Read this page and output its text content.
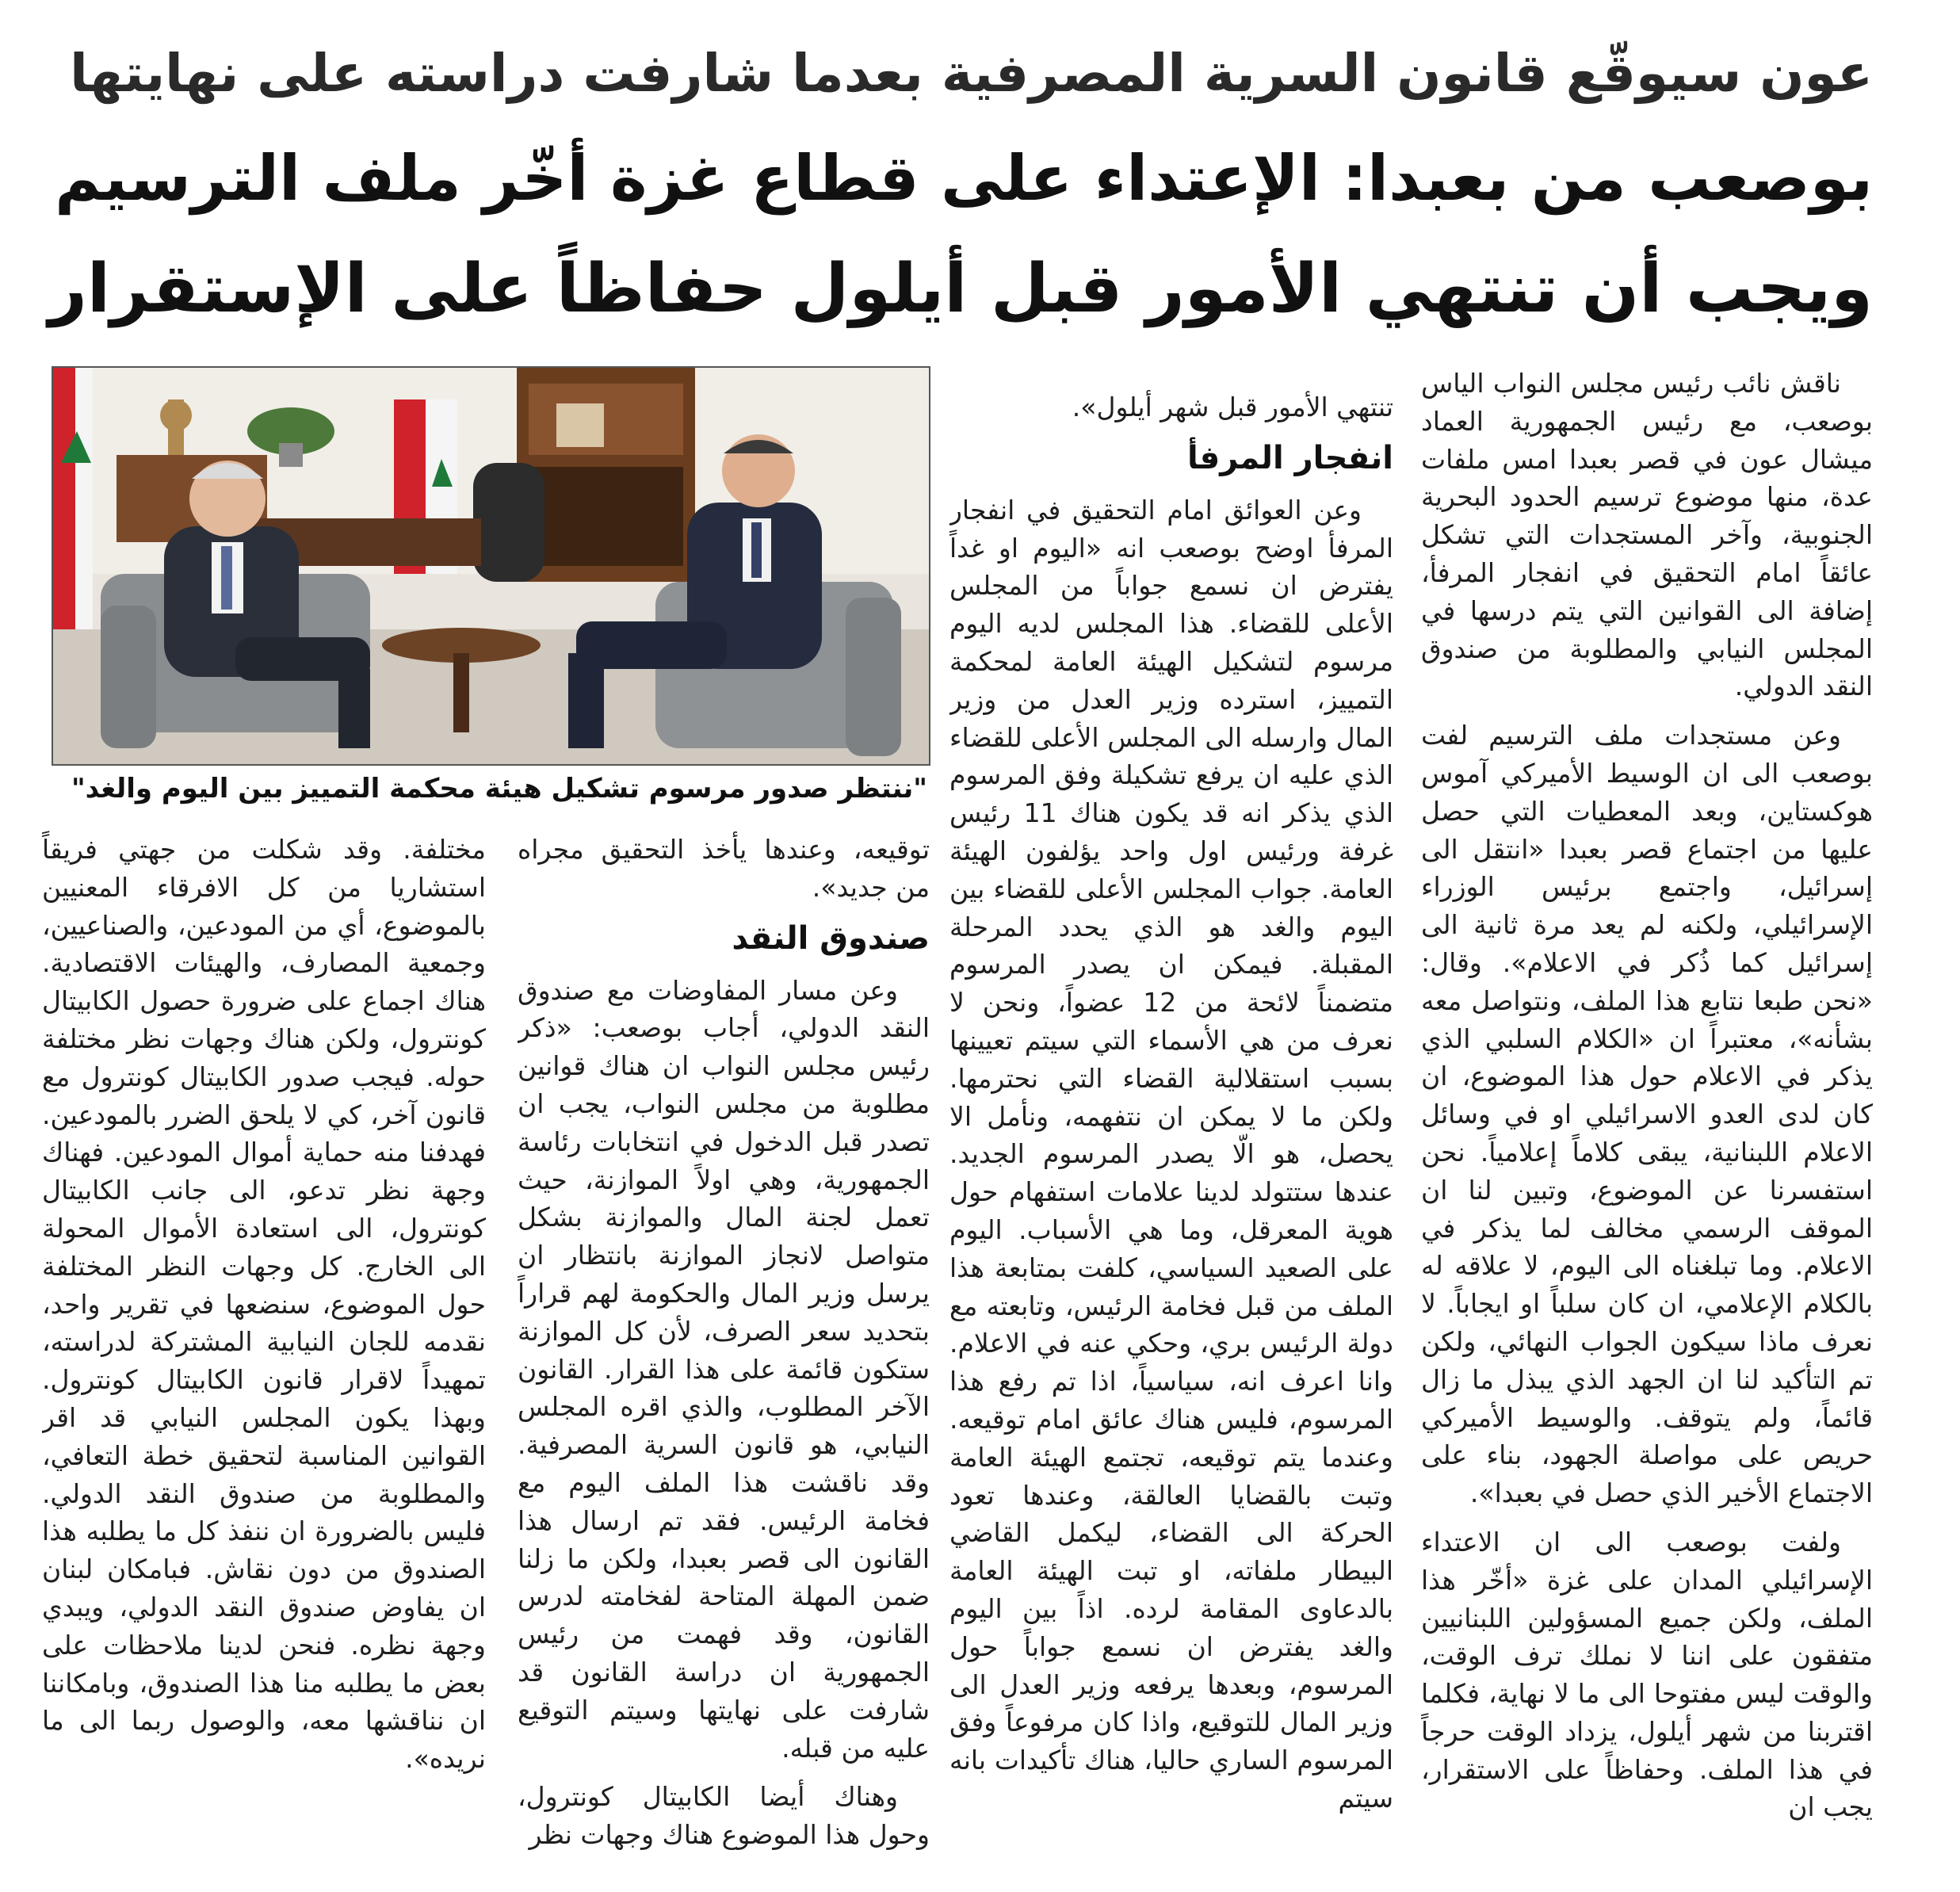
عون سيوقّع قانون السرية المصرفية بعدما شارفت دراسته على نهايتها
بوصعب من بعبدا: الإعتداء على قطاع غزة أخّر ملف الترسيم
ويجب أن تنتهي الأمور قبل أيلول حفاظاً على الإستقرار

ناقش نائب رئيس مجلس النواب الياس بوصعب، مع رئيس الجمهورية العماد ميشال عون في قصر بعبدا امس ملفات عدة، منها موضوع ترسيم الحدود البحرية الجنوبية، وآخر المستجدات التي تشكل عائقاً امام التحقيق في انفجار المرفأ، إضافة الى القوانين التي يتم درسها في المجلس النيابي والمطلوبة من صندوق النقد الدولي.

وعن مستجدات ملف الترسيم لفت بوصعب الى ان الوسيط الأميركي آموس هوكستاين، وبعد المعطيات التي حصل عليها من اجتماع قصر بعبدا «انتقل الى إسرائيل، واجتمع برئيس الوزراء الإسرائيلي، ولكنه لم يعد مرة ثانية الى إسرائيل كما ذُكر في الاعلام». وقال: «نحن طبعا نتابع هذا الملف، ونتواصل معه بشأنه»، معتبراً ان «الكلام السلبي الذي يذكر في الاعلام حول هذا الموضوع، ان كان لدى العدو الاسرائيلي او في وسائل الاعلام اللبنانية، يبقى كلاماً إعلامياً. نحن استفسرنا عن الموضوع، وتبين لنا ان الموقف الرسمي مخالف لما يذكر في الاعلام. وما تبلغناه الى اليوم، لا علاقه له بالكلام الإعلامي، ان كان سلباً او ايجاباً. لا نعرف ماذا سيكون الجواب النهائي، ولكن تم التأكيد لنا ان الجهد الذي يبذل ما زال قائماً، ولم يتوقف. والوسيط الأميركي حريص على مواصلة الجهود، بناء على الاجتماع الأخير الذي حصل في بعبدا».

ولفت بوصعب الى ان الاعتداء الإسرائيلي المدان على غزة «أخّر هذا الملف، ولكن جميع المسؤولين اللبنانيين متفقون على اننا لا نملك ترف الوقت، والوقت ليس مفتوحا الى ما لا نهاية، فكلما اقتربنا من شهر أيلول، يزداد الوقت حرجاً في هذا الملف. وحفاظاً على الاستقرار، يجب ان

تنتهي الأمور قبل شهر أيلول».

انفجار المرفأ

وعن العوائق امام التحقيق في انفجار المرفأ اوضح بوصعب انه «اليوم او غداً يفترض ان نسمع جواباً من المجلس الأعلى للقضاء. هذا المجلس لديه اليوم مرسوم لتشكيل الهيئة العامة لمحكمة التمييز، استرده وزير العدل من وزير المال وارسله الى المجلس الأعلى للقضاء الذي عليه ان يرفع تشكيلة وفق المرسوم الذي يذكر انه قد يكون هناك 11 رئيس غرفة ورئيس اول واحد يؤلفون الهيئة العامة. جواب المجلس الأعلى للقضاء بين اليوم والغد هو الذي يحدد المرحلة المقبلة. فيمكن ان يصدر المرسوم متضمناً لائحة من 12 عضواً، ونحن لا نعرف من هي الأسماء التي سيتم تعيينها بسبب استقلالية القضاء التي نحترمها. ولكن ما لا يمكن ان نتفهمه، ونأمل الا يحصل، هو الّا يصدر المرسوم الجديد. عندها ستتولد لدينا علامات استفهام حول هوية المعرقل، وما هي الأسباب. اليوم على الصعيد السياسي، كلفت بمتابعة هذا الملف من قبل فخامة الرئيس، وتابعته مع دولة الرئيس بري، وحكي عنه في الاعلام. وانا اعرف انه، سياسياً، اذا تم رفع هذا المرسوم، فليس هناك عائق امام توقيعه. وعندما يتم توقيعه، تجتمع الهيئة العامة وتبت بالقضايا العالقة، وعندها تعود الحركة الى القضاء، ليكمل القاضي البيطار ملفاته، او تبت الهيئة العامة بالدعاوى المقامة لرده. اذاً بين اليوم والغد يفترض ان نسمع جواباً حول المرسوم، وبعدها يرفعه وزير العدل الى وزير المال للتوقيع، واذا كان مرفوعاً وفق المرسوم الساري حاليا، هناك تأكيدات بانه سيتم

"ننتظر صدور مرسوم تشكيل هيئة محكمة التمييز بين اليوم والغد"

توقيعه، وعندها يأخذ التحقيق مجراه من جديد».

صندوق النقد

وعن مسار المفاوضات مع صندوق النقد الدولي، أجاب بوصعب: «ذكر رئيس مجلس النواب ان هناك قوانين مطلوبة من مجلس النواب، يجب ان تصدر قبل الدخول في انتخابات رئاسة الجمهورية، وهي اولاً الموازنة، حيث تعمل لجنة المال والموازنة بشكل متواصل لانجاز الموازنة بانتظار ان يرسل وزير المال والحكومة لهم قراراً بتحديد سعر الصرف، لأن كل الموازنة ستكون قائمة على هذا القرار. القانون الآخر المطلوب، والذي اقره المجلس النيابي، هو قانون السرية المصرفية. وقد ناقشت هذا الملف اليوم مع فخامة الرئيس. فقد تم ارسال هذا القانون الى قصر بعبدا، ولكن ما زلنا ضمن المهلة المتاحة لفخامته لدرس القانون، وقد فهمت من رئيس الجمهورية ان دراسة القانون قد شارفت على نهايتها وسيتم التوقيع عليه من قبله.

وهناك أيضا الكابيتال كونترول، وحول هذا الموضوع هناك وجهات نظر

مختلفة. وقد شكلت من جهتي فريقاً استشاريا من كل الافرقاء المعنيين بالموضوع، أي من المودعين، والصناعيين، وجمعية المصارف، والهيئات الاقتصادية. هناك اجماع على ضرورة حصول الكابيتال كونترول، ولكن هناك وجهات نظر مختلفة حوله. فيجب صدور الكابيتال كونترول مع قانون آخر، كي لا يلحق الضرر بالمودعين. فهدفنا منه حماية أموال المودعين. فهناك وجهة نظر تدعو، الى جانب الكابيتال كونترول، الى استعادة الأموال المحولة الى الخارج. كل وجهات النظر المختلفة حول الموضوع، سنضعها في تقرير واحد، نقدمه للجان النيابية المشتركة لدراسته، تمهيداً لاقرار قانون الكابيتال كونترول. وبهذا يكون المجلس النيابي قد اقر القوانين المناسبة لتحقيق خطة التعافي، والمطلوبة من صندوق النقد الدولي. فليس بالضرورة ان ننفذ كل ما يطلبه هذا الصندوق من دون نقاش. فبامكان لبنان ان يفاوض صندوق النقد الدولي، ويبدي وجهة نظره. فنحن لدينا ملاحظات على بعض ما يطلبه منا هذا الصندوق، وبامكاننا ان نناقشها معه، والوصول ربما الى ما نريده».
